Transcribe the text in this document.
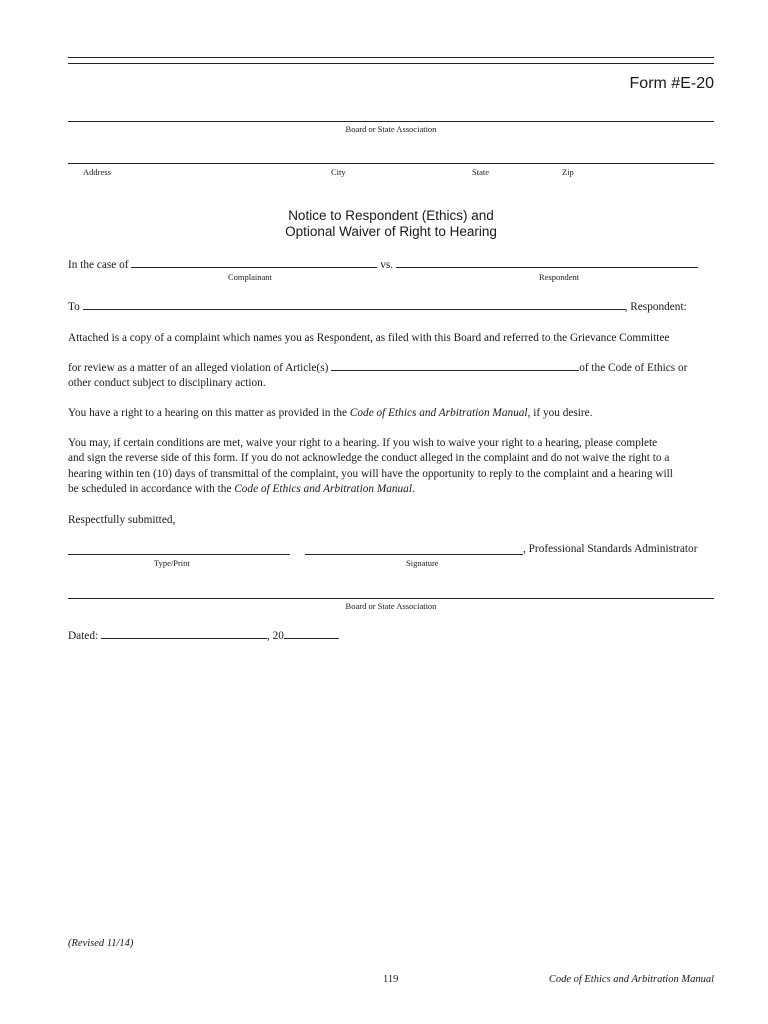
Form #E-20
Board or State Association
Address	City	State	Zip
Notice to Respondent (Ethics) and
Optional Waiver of Right to Hearing
In the case of	vs.
Complainant	Respondent
To	, Respondent:
Attached is a copy of a complaint which names you as Respondent, as filed with this Board and referred to the Grievance Committee
for review as a matter of an alleged violation of Article(s)	of the Code of Ethics or
other conduct subject to disciplinary action.
You have a right to a hearing on this matter as provided in the Code of Ethics and Arbitration Manual, if you desire.
You may, if certain conditions are met, waive your right to a hearing. If you wish to waive your right to a hearing, please complete
and sign the reverse side of this form. If you do not acknowledge the conduct alleged in the complaint and do not waive the right to a
hearing within ten (10) days of transmittal of the complaint, you will have the opportunity to reply to the complaint and a hearing will
be scheduled in accordance with the Code of Ethics and Arbitration Manual.
Respectfully submitted,
, Professional Standards Administrator
Type/Print	Signature
Board or State Association
Dated:	, 20
(Revised 11/14)
119	Code of Ethics and Arbitration Manual
